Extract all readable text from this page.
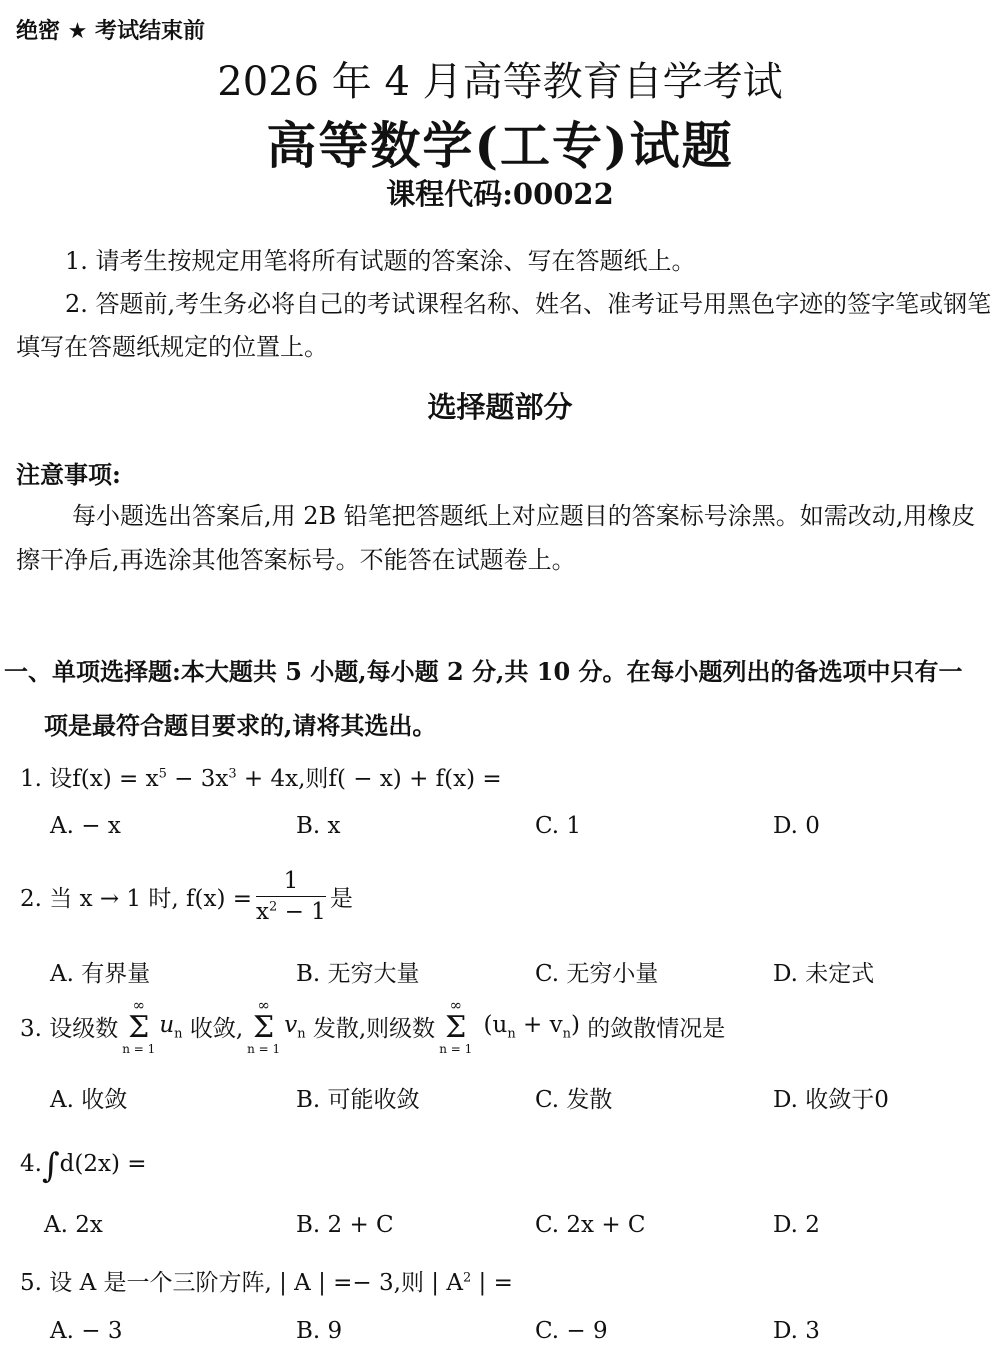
绝密 ★ 考试结束前
2026 年 4 月高等教育自学考试
高等数学(工专)试题
课程代码:00022
1. 请考生按规定用笔将所有试题的答案涂、写在答题纸上。
2. 答题前,考生务必将自己的考试课程名称、姓名、准考证号用黑色字迹的签字笔或钢笔
填写在答题纸规定的位置上。
选择题部分
注意事项:
每小题选出答案后,用 2B 铅笔把答题纸上对应题目的答案标号涂黑。如需改动,用橡皮
擦干净后,再选涂其他答案标号。不能答在试题卷上。
一、单项选择题:本大题共 5 小题,每小题 2 分,共 10 分。在每小题列出的备选项中只有一
项是最符合题目要求的,请将其选出。
1. 设$f(x) = x^5 - 3x^3 + 4x$,则f( − x) + f(x) =
A. − x	B. x	C. 1	D. 0
2. 当 x → 1 时, $f(x) = \frac{1}{x^2 - 1}$ 是
A. 有界量	B. 无穷大量	C. 无穷小量	D. 未定式
3. 设级数
∞
Σ
n = 1
$u_n$ 收敛,
∞
Σ
n = 1
$v_n$ 发散,则级数
∞
Σ
n = 1
$(u_n + v_n)$ 的敛散情况是
A. 收敛	B. 可能收敛	C. 发散	D. 收敛于0
4.∫d(2x) =
A. 2x	B. 2 + C	C. 2x + C	D. 2
5. 设 A 是一个三阶方阵, | A | =− 3,则 | $A^2$ | =
A. − 3	B. 9	C. − 9	D. 3
